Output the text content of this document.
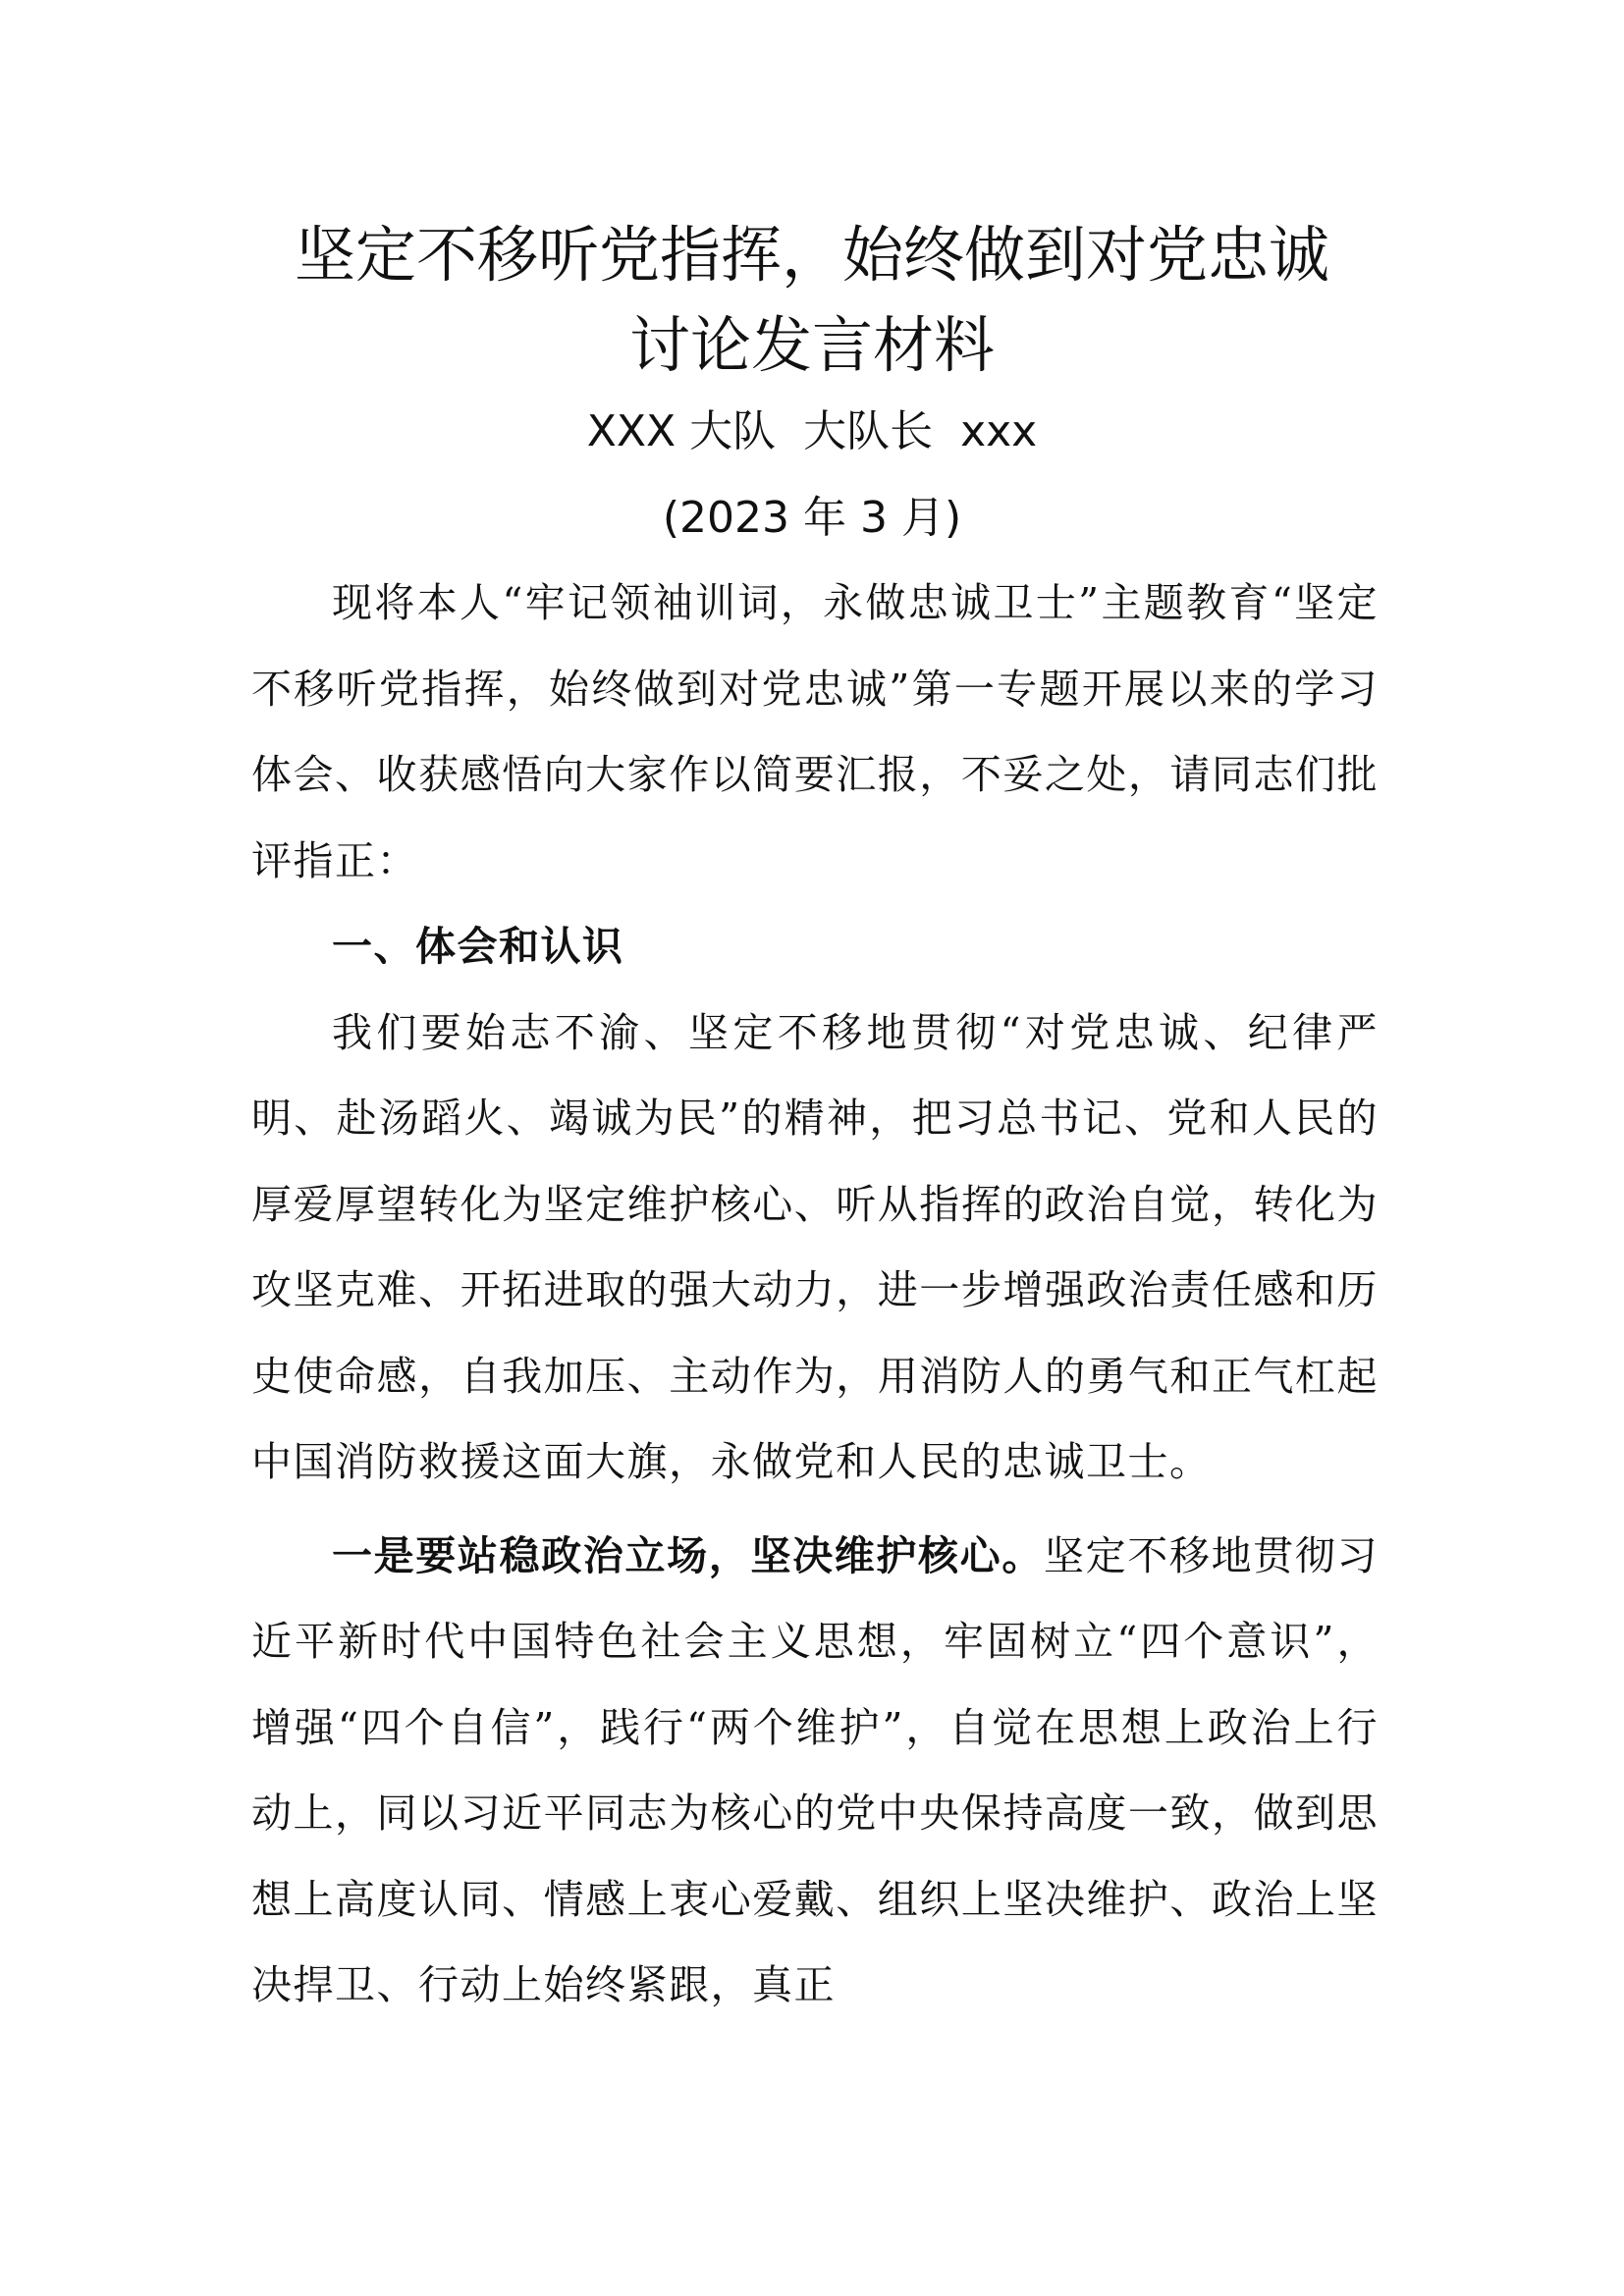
坚定不移听党指挥，始终做到对党忠诚
讨论发言材料
XXX 大队  大队长  xxx
(2023 年 3 月)

现将本人“牢记领袖训词，永做忠诚卫士”主题教育“坚定不移听党指挥，始终做到对党忠诚”第一专题开展以来的学习体会、收获感悟向大家作以简要汇报，不妥之处，请同志们批评指正：

一、体会和认识

我们要始志不渝、坚定不移地贯彻“对党忠诚、纪律严明、赴汤蹈火、竭诚为民”的精神，把习总书记、党和人民的厚爱厚望转化为坚定维护核心、听从指挥的政治自觉，转化为攻坚克难、开拓进取的强大动力，进一步增强政治责任感和历史使命感，自我加压、主动作为，用消防人的勇气和正气杠起中国消防救援这面大旗，永做党和人民的忠诚卫士。

一是要站稳政治立场，坚决维护核心。坚定不移地贯彻习近平新时代中国特色社会主义思想，牢固树立“四个意识”，增强“四个自信”，践行“两个维护”，自觉在思想上政治上行动上，同以习近平同志为核心的党中央保持高度一致，做到思想上高度认同、情感上衷心爱戴、组织上坚决维护、政治上坚决捍卫、行动上始终紧跟，真正
